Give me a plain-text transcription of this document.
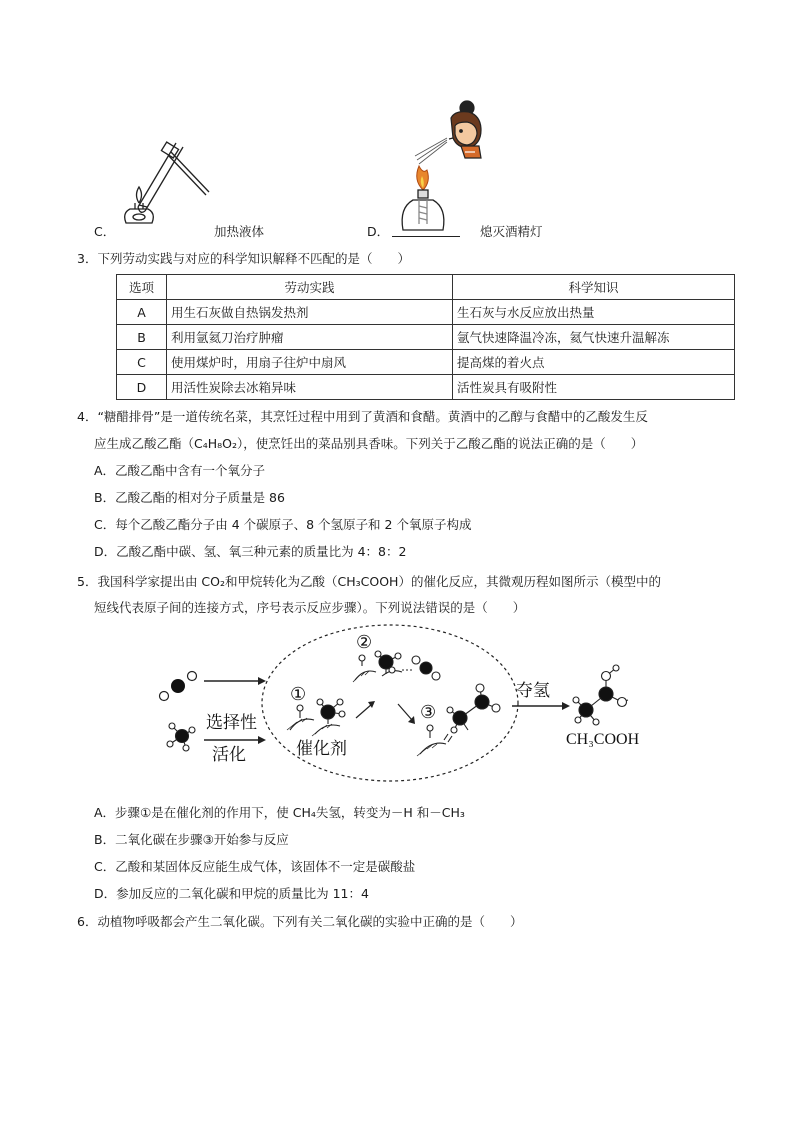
C．	加热液体	D．	熄灭酒精灯
3．下列劳动实践与对应的科学知识解释不匹配的是（　　）
选项	劳动实践	科学知识
A	用生石灰做自热锅发热剂	生石灰与水反应放出热量
B	利用氩氦刀治疗肿瘤	氩气快速降温冷冻，氦气快速升温解冻
C	使用煤炉时，用扇子往炉中扇风	提高煤的着火点
D	用活性炭除去冰箱异味	活性炭具有吸附性
4．“糖醋排骨”是一道传统名菜，其烹饪过程中用到了黄酒和食醋。黄酒中的乙醇与食醋中的乙酸发生反
应生成乙酸乙酯（C₄H₈O₂），使烹饪出的菜品别具香味。下列关于乙酸乙酯的说法正确的是（　　）
A．乙酸乙酯中含有一个氧分子
B．乙酸乙酯的相对分子质量是 86
C．每个乙酸乙酯分子由 4 个碳原子、8 个氢原子和 2 个氧原子构成
D．乙酸乙酯中碳、氢、氧三种元素的质量比为 4：8：2
5．我国科学家提出由 CO₂和甲烷转化为乙酸（CH₃COOH）的催化反应，其微观历程如图所示（模型中的
短线代表原子间的连接方式，序号表示反应步骤）。下列说法错误的是（　　）
选择性
活化
①
催化剂
②
③
夺氢
CH₃COOH
A．步骤①是在催化剂的作用下，使 CH₄失氢，转变为－H 和－CH₃
B．二氧化碳在步骤③开始参与反应
C．乙酸和某固体反应能生成气体，该固体不一定是碳酸盐
D．参加反应的二氧化碳和甲烷的质量比为 11：4
6．动植物呼吸都会产生二氧化碳。下列有关二氧化碳的实验中正确的是（　　）
